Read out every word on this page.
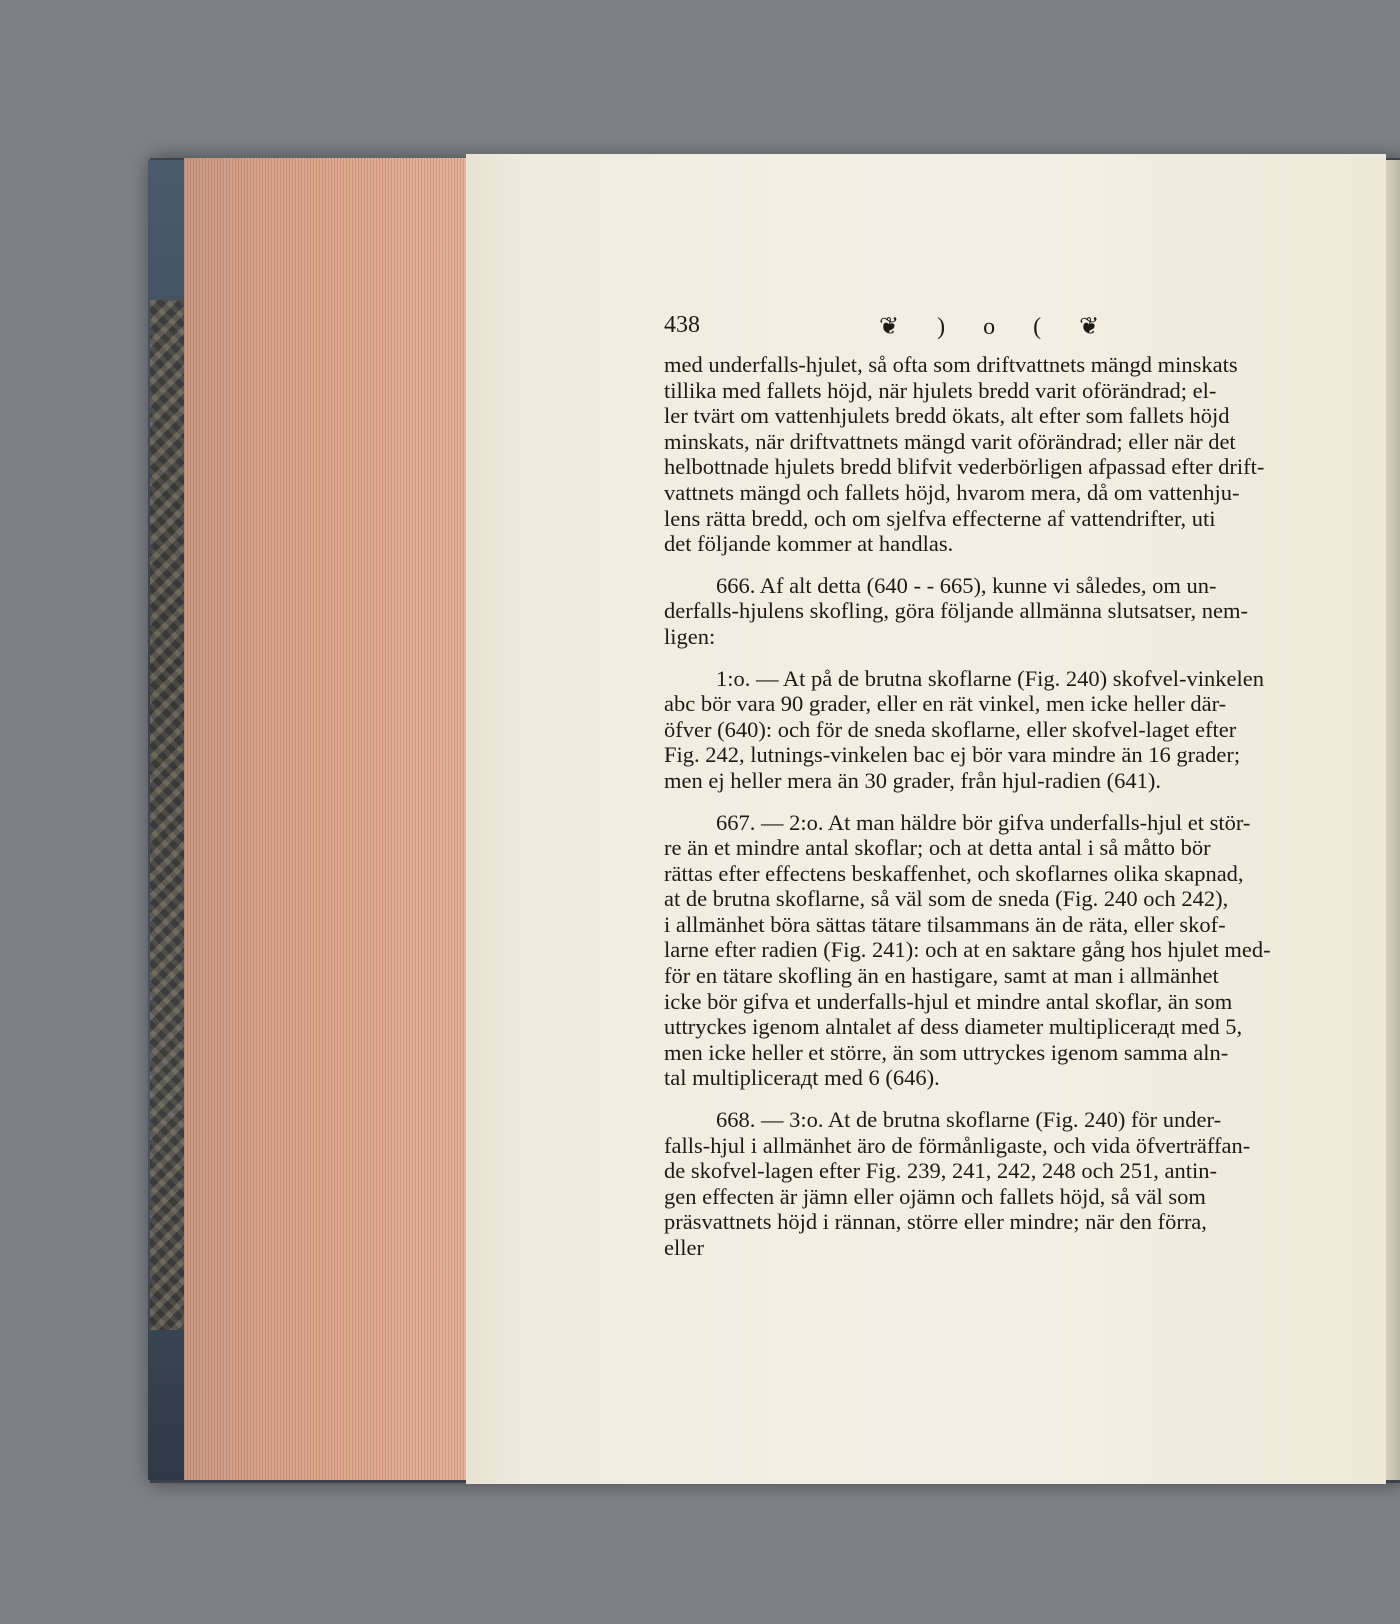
438	❦ ) o ( ❦
med underfalls-hjulet, så ofta som driftvattnets mängd minskats
tillika med fallets höjd, när hjulets bredd varit oförändrad; el-
ler tvärt om vattenhjulets bredd ökats, alt efter som fallets höjd
minskats, när driftvattnets mängd varit oförändrad; eller när det
helbottnade hjulets bredd blifvit vederbörligen afpassad efter drift-
vattnets mängd och fallets höjd, hvarom mera, då om vattenhju-
lens rätta bredd, och om sjelfva effecterne af vattendrifter, uti
det följande kommer at handlas.
666. Af alt detta (640 - - 665), kunne vi således, om un-
derfalls-hjulens skofling, göra följande allmänna slutsatser, nem-
ligen:
1:o. — At på de brutna skoflarne (Fig. 240) skofvel-vinkelen
abc bör vara 90 grader, eller en rät vinkel, men icke heller där-
öfver (640): och för de sneda skoflarne, eller skofvel-laget efter
Fig. 242, lutnings-vinkelen bac ej bör vara mindre än 16 grader;
men ej heller mera än 30 grader, från hjul-radien (641).
667. — 2:o. At man häldre bör gifva underfalls-hjul et stör-
re än et mindre antal skoflar; och at detta antal i så måtto bör
rättas efter effectens beskaffenhet, och skoflarnes olika skapnad,
at de brutna skoflarne, så väl som de sneda (Fig. 240 och 242),
i allmänhet böra sättas tätare tilsammans än de räta, eller skof-
larne efter radien (Fig. 241): och at en saktare gång hos hjulet med-
för en tätare skofling än en hastigare, samt at man i allmänhet
icke bör gifva et underfalls-hjul et mindre antal skoflar, än som
uttryckes igenom alntalet af dess diameter multiplicerадt med 5,
men icke heller et större, än som uttryckes igenom samma aln-
tal multiplicerадt med 6 (646).
668. — 3:o. At de brutna skoflarne (Fig. 240) för under-
falls-hjul i allmänhet äro de förmånligaste, och vida öfverträffan-
de skofvel-lagen efter Fig. 239, 241, 242, 248 och 251, antin-
gen effecten är jämn eller ojämn och fallets höjd, så väl som
präsvattnets höjd i rännan, större eller mindre; när den förra,
eller
